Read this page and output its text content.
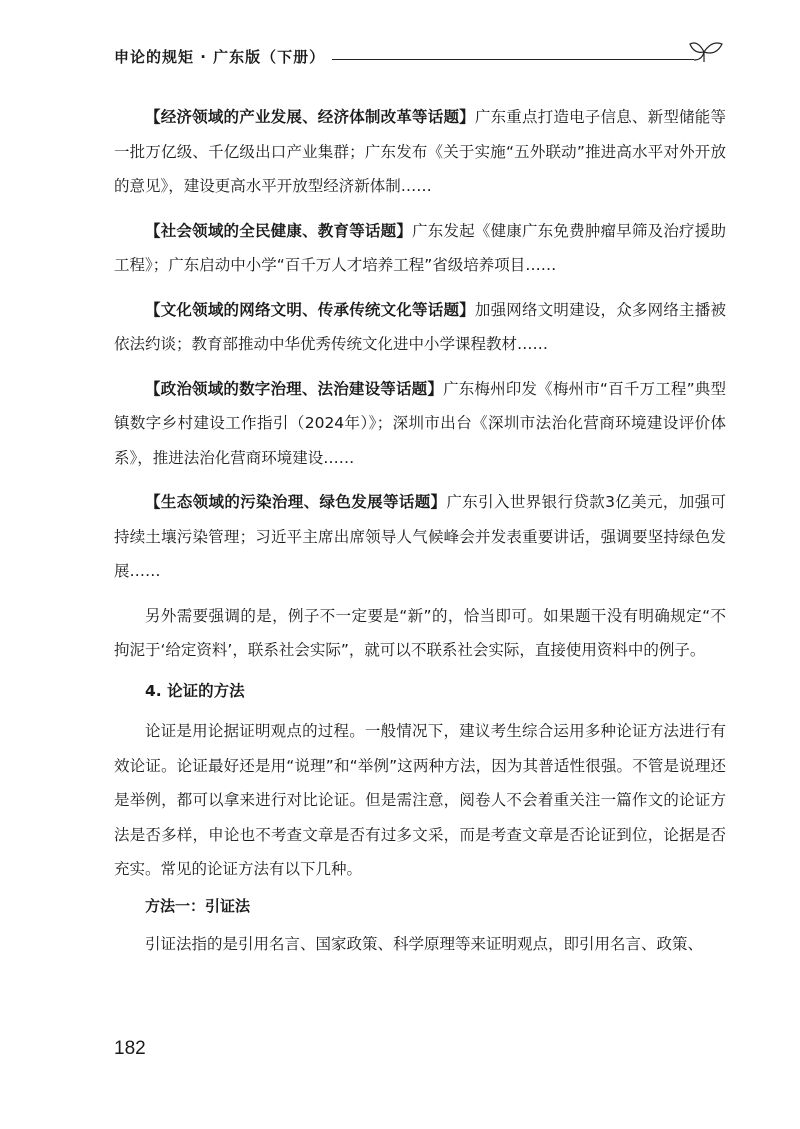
申论的规矩 · 广东版（下册）

【经济领域的产业发展、经济体制改革等话题】广东重点打造电子信息、新型储能等一批万亿级、千亿级出口产业集群；广东发布《关于实施“五外联动”推进高水平对外开放的意见》，建设更高水平开放型经济新体制……

【社会领域的全民健康、教育等话题】广东发起《健康广东免费肿瘤早筛及治疗援助工程》；广东启动中小学“百千万人才培养工程”省级培养项目……

【文化领域的网络文明、传承传统文化等话题】加强网络文明建设，众多网络主播被依法约谈；教育部推动中华优秀传统文化进中小学课程教材……

【政治领域的数字治理、法治建设等话题】广东梅州印发《梅州市“百千万工程”典型镇数字乡村建设工作指引（2024年）》；深圳市出台《深圳市法治化营商环境建设评价体系》，推进法治化营商环境建设……

【生态领域的污染治理、绿色发展等话题】广东引入世界银行贷款3亿美元，加强可持续土壤污染管理；习近平主席出席领导人气候峰会并发表重要讲话，强调要坚持绿色发展……

另外需要强调的是，例子不一定要是“新”的，恰当即可。如果题干没有明确规定“不拘泥于‘给定资料’，联系社会实际”，就可以不联系社会实际，直接使用资料中的例子。

4. 论证的方法

论证是用论据证明观点的过程。一般情况下，建议考生综合运用多种论证方法进行有效论证。论证最好还是用“说理”和“举例”这两种方法，因为其普适性很强。不管是说理还是举例，都可以拿来进行对比论证。但是需注意，阅卷人不会着重关注一篇作文的论证方法是否多样，申论也不考查文章是否有过多文采，而是考查文章是否论证到位，论据是否充实。常见的论证方法有以下几种。

方法一：引证法

引证法指的是引用名言、国家政策、科学原理等来证明观点，即引用名言、政策、

182
